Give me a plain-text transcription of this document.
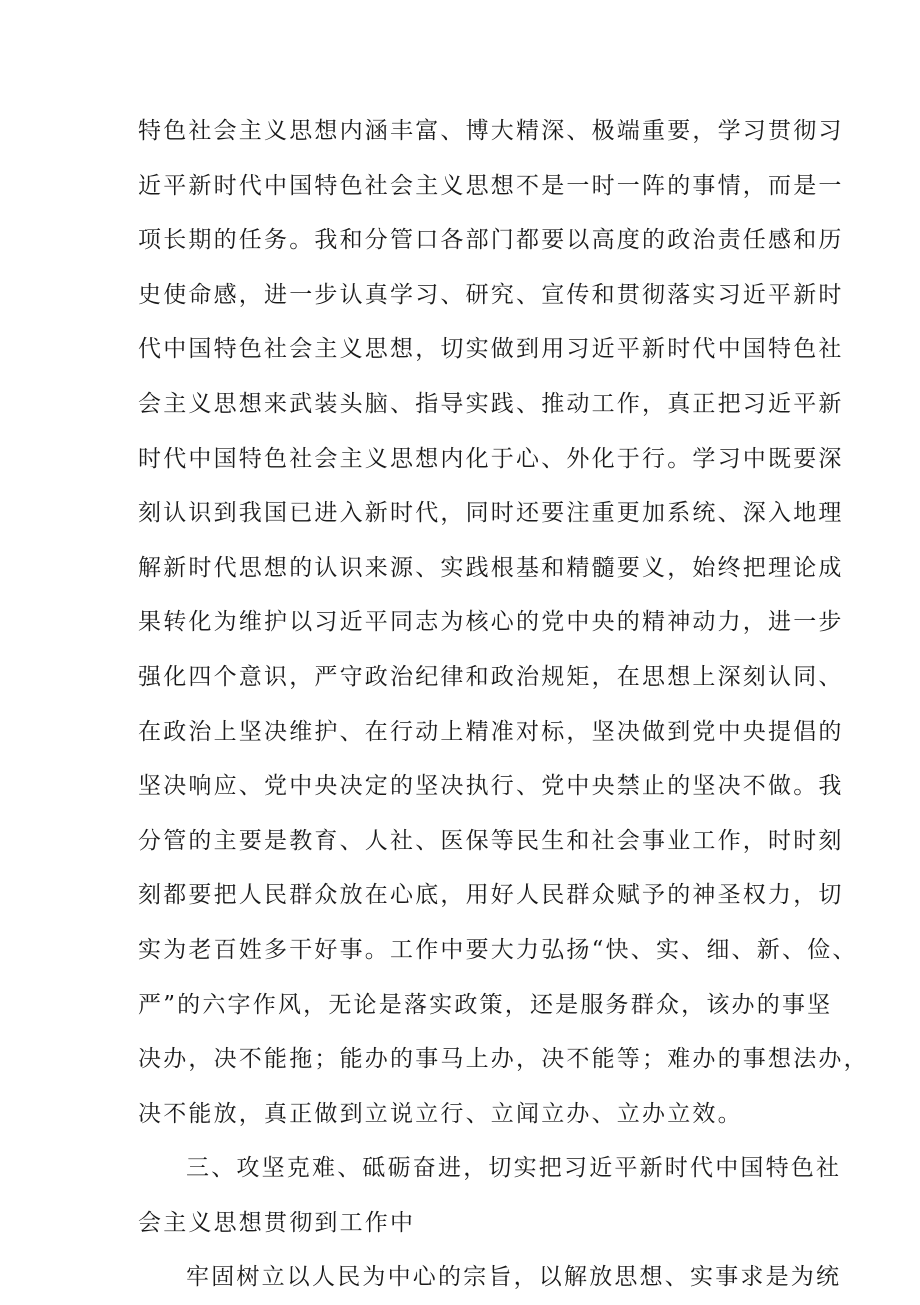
特色社会主义思想内涵丰富、博大精深、极端重要，学习贯彻习
近平新时代中国特色社会主义思想不是一时一阵的事情，而是一
项长期的任务。我和分管口各部门都要以高度的政治责任感和历
史使命感，进一步认真学习、研究、宣传和贯彻落实习近平新时
代中国特色社会主义思想，切实做到用习近平新时代中国特色社
会主义思想来武装头脑、指导实践、推动工作，真正把习近平新
时代中国特色社会主义思想内化于心、外化于行。学习中既要深
刻认识到我国已进入新时代，同时还要注重更加系统、深入地理
解新时代思想的认识来源、实践根基和精髓要义，始终把理论成
果转化为维护以习近平同志为核心的党中央的精神动力，进一步
强化四个意识，严守政治纪律和政治规矩，在思想上深刻认同、
在政治上坚决维护、在行动上精准对标，坚决做到党中央提倡的
坚决响应、党中央决定的坚决执行、党中央禁止的坚决不做。我
分管的主要是教育、人社、医保等民生和社会事业工作，时时刻
刻都要把人民群众放在心底，用好人民群众赋予的神圣权力，切
实为老百姓多干好事。工作中要大力弘扬“快、实、细、新、俭、
严”的六字作风，无论是落实政策，还是服务群众，该办的事坚
决办，决不能拖；能办的事马上办，决不能等；难办的事想法办，
决不能放，真正做到立说立行、立闻立办、立办立效。
三、攻坚克难、砥砺奋进，切实把习近平新时代中国特色社
会主义思想贯彻到工作中
牢固树立以人民为中心的宗旨，以解放思想、实事求是为统
